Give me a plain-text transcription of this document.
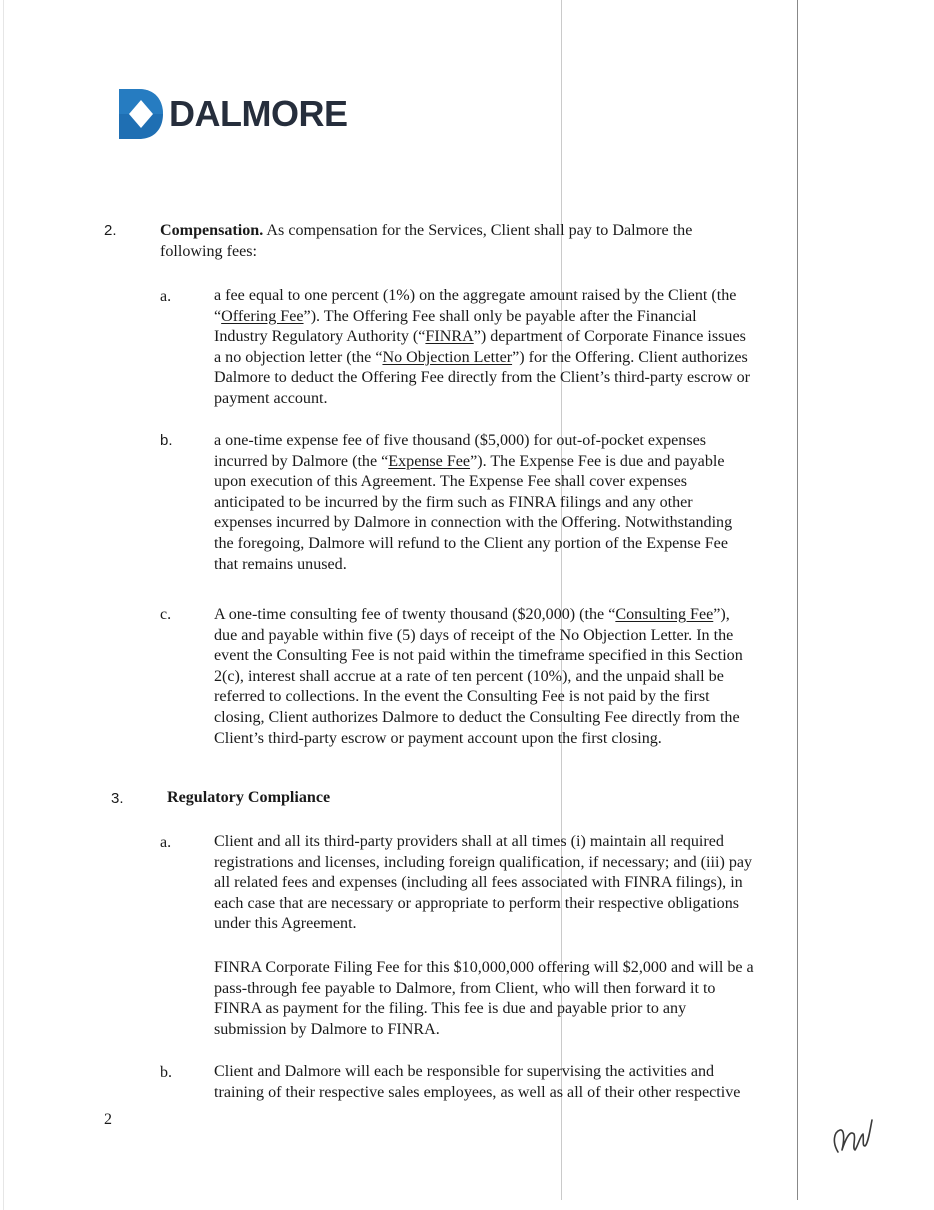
DALMORE
2.	Compensation. As compensation for the Services, Client shall pay to Dalmore the
following fees:
a.	a fee equal to one percent (1%) on the aggregate amount raised by the Client (the
“Offering Fee”). The Offering Fee shall only be payable after the Financial
Industry Regulatory Authority (“FINRA”) department of Corporate Finance issues
a no objection letter (the “No Objection Letter”) for the Offering. Client authorizes
Dalmore to deduct the Offering Fee directly from the Client’s third-party escrow or
payment account.
b.	a one-time expense fee of five thousand ($5,000) for out-of-pocket expenses
incurred by Dalmore (the “Expense Fee”). The Expense Fee is due and payable
upon execution of this Agreement. The Expense Fee shall cover expenses
anticipated to be incurred by the firm such as FINRA filings and any other
expenses incurred by Dalmore in connection with the Offering. Notwithstanding
the foregoing, Dalmore will refund to the Client any portion of the Expense Fee
that remains unused.
c.	A one-time consulting fee of twenty thousand ($20,000) (the “Consulting Fee”),
due and payable within five (5) days of receipt of the No Objection Letter. In the
event the Consulting Fee is not paid within the timeframe specified in this Section
2(c), interest shall accrue at a rate of ten percent (10%), and the unpaid shall be
referred to collections. In the event the Consulting Fee is not paid by the first
closing, Client authorizes Dalmore to deduct the Consulting Fee directly from the
Client’s third-party escrow or payment account upon the first closing.
3.	Regulatory Compliance
a.	Client and all its third-party providers shall at all times (i) maintain all required
registrations and licenses, including foreign qualification, if necessary; and (iii) pay
all related fees and expenses (including all fees associated with FINRA filings), in
each case that are necessary or appropriate to perform their respective obligations
under this Agreement.
FINRA Corporate Filing Fee for this $10,000,000 offering will $2,000 and will be a
pass-through fee payable to Dalmore, from Client, who will then forward it to
FINRA as payment for the filing. This fee is due and payable prior to any
submission by Dalmore to FINRA.
b.	Client and Dalmore will each be responsible for supervising the activities and
training of their respective sales employees, as well as all of their other respective
2
